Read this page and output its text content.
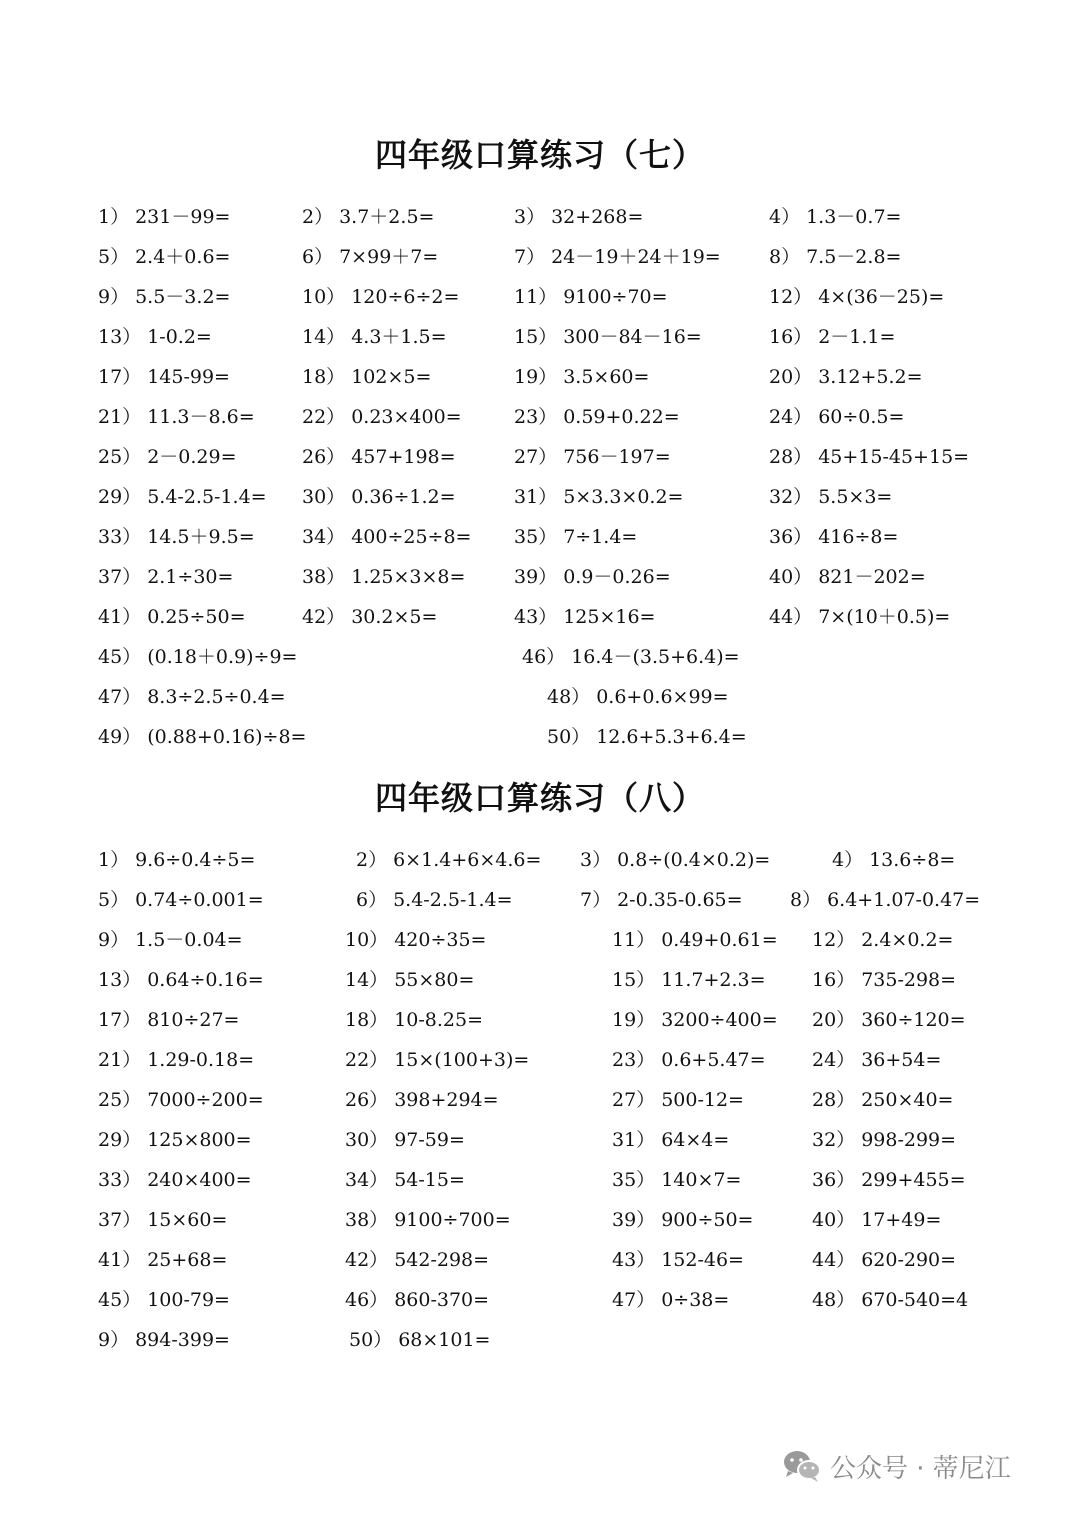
四年级口算练习（七）
1） 231－99=	2） 3.7＋2.5=	3） 32+268=	4） 1.3－0.7=
5） 2.4＋0.6=	6） 7×99＋7=	7） 24－19＋24＋19=	8） 7.5－2.8=
9） 5.5－3.2=	10） 120÷6÷2=	11） 9100÷70=	12） 4×(36－25)=
13） 1-0.2=	14） 4.3＋1.5=	15） 300－84－16=	16） 2－1.1=
17） 145-99=	18） 102×5=	19） 3.5×60=	20） 3.12+5.2=
21） 11.3－8.6= 22） 0.23×400=	23） 0.59+0.22=	24） 60÷0.5=
25） 2－0.29=	26） 457+198=	27） 756－197=	28） 45+15-45+15=
29） 5.4-2.5-1.4= 30） 0.36÷1.2=	31） 5×3.3×0.2=	32） 5.5×3=
33） 14.5＋9.5= 34） 400÷25÷8= 35） 7÷1.4=	36） 416÷8=
37） 2.1÷30=	38） 1.25×3×8=	39） 0.9－0.26=	40） 821－202=
41） 0.25÷50=	42） 30.2×5=	43） 125×16=	44） 7×(10＋0.5)=
45） (0.18＋0.9)÷9=	46） 16.4－(3.5+6.4)=
47） 8.3÷2.5÷0.4=	48） 0.6+0.6×99=
49） (0.88+0.16)÷8=	50） 12.6+5.3+6.4=
四年级口算练习（八）
1） 9.6÷0.4÷5=	2） 6×1.4+6×4.6= 3） 0.8÷(0.4×0.2)=	4） 13.6÷8=
5） 0.74÷0.001=	6） 5.4-2.5-1.4=	7） 2-0.35-0.65= 8） 6.4+1.07-0.47=
9） 1.5－0.04=	10） 420÷35=	11） 0.49+0.61= 12） 2.4×0.2=
13） 0.64÷0.16=	14） 55×80=	15） 11.7+2.3= 16） 735-298=
17） 810÷27=	18） 10-8.25=	19） 3200÷400= 20） 360÷120=
21） 1.29-0.18=	22） 15×(100+3)=	23） 0.6+5.47= 24） 36+54=
25） 7000÷200=	26） 398+294=	27） 500-12=	28） 250×40=
29） 125×800=	30） 97-59=	31） 64×4=	32） 998-299=
33） 240×400=	34） 54-15=	35） 140×7=	36） 299+455=
37） 15×60=	38） 9100÷700=	39） 900÷50=	40） 17+49=
41） 25+68=	42） 542-298=	43） 152-46=	44） 620-290=
45） 100-79=	46） 860-370=	47） 0÷38=	48） 670-540=4
9） 894-399=	50） 68×101=
公众号 · 蒂尼江
